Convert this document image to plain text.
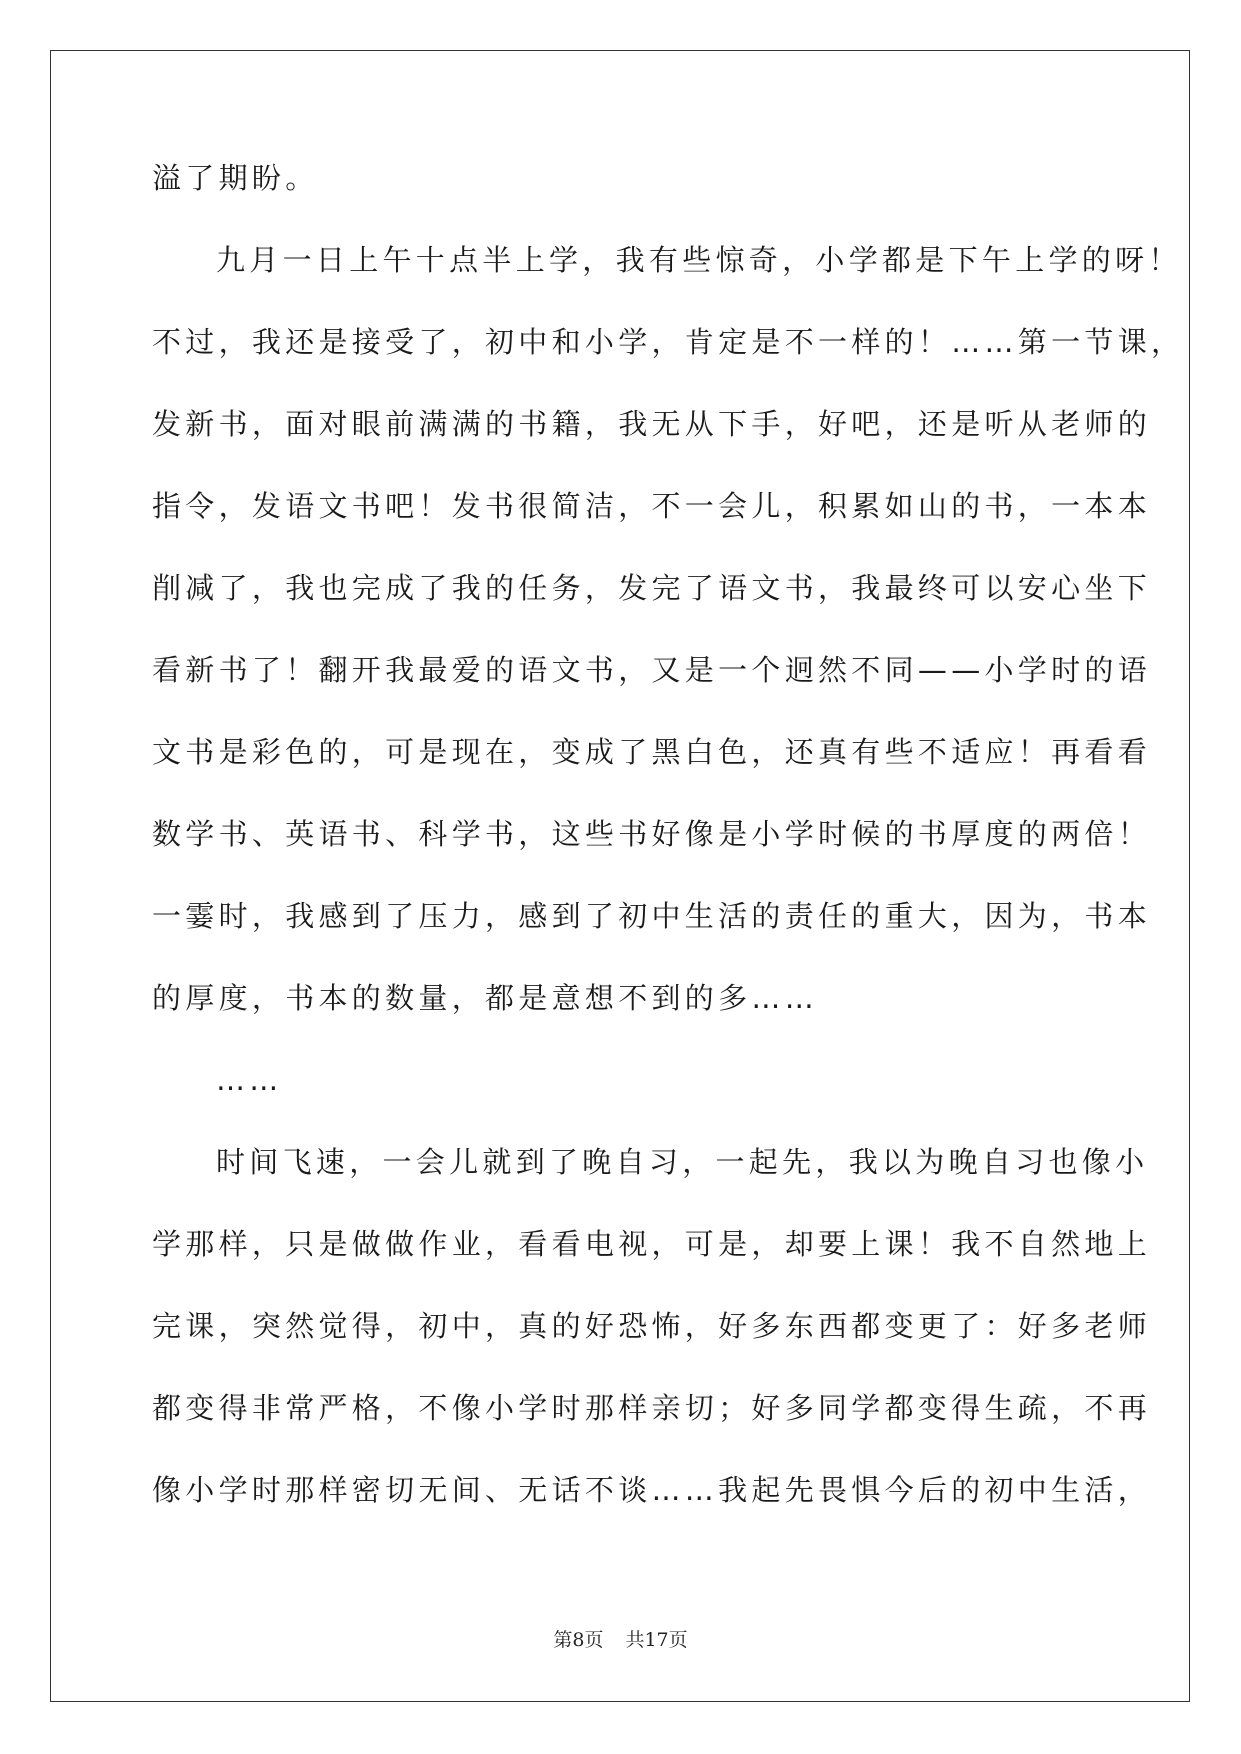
溢了期盼。
九月一日上午十点半上学，我有些惊奇，小学都是下午上学的呀！
不过，我还是接受了，初中和小学，肯定是不一样的！……第一节课，
发新书，面对眼前满满的书籍，我无从下手，好吧，还是听从老师的
指令，发语文书吧！发书很简洁，不一会儿，积累如山的书，一本本
削减了，我也完成了我的任务，发完了语文书，我最终可以安心坐下
看新书了！翻开我最爱的语文书，又是一个迥然不同——小学时的语
文书是彩色的，可是现在，变成了黑白色，还真有些不适应！再看看
数学书、英语书、科学书，这些书好像是小学时候的书厚度的两倍！
一霎时，我感到了压力，感到了初中生活的责任的重大，因为，书本
的厚度，书本的数量，都是意想不到的多……
……
时间飞速，一会儿就到了晚自习，一起先，我以为晚自习也像小
学那样，只是做做作业，看看电视，可是，却要上课！我不自然地上
完课，突然觉得，初中，真的好恐怖，好多东西都变更了：好多老师
都变得非常严格，不像小学时那样亲切；好多同学都变得生疏，不再
像小学时那样密切无间、无话不谈……我起先畏惧今后的初中生活，
第8页 共17页
